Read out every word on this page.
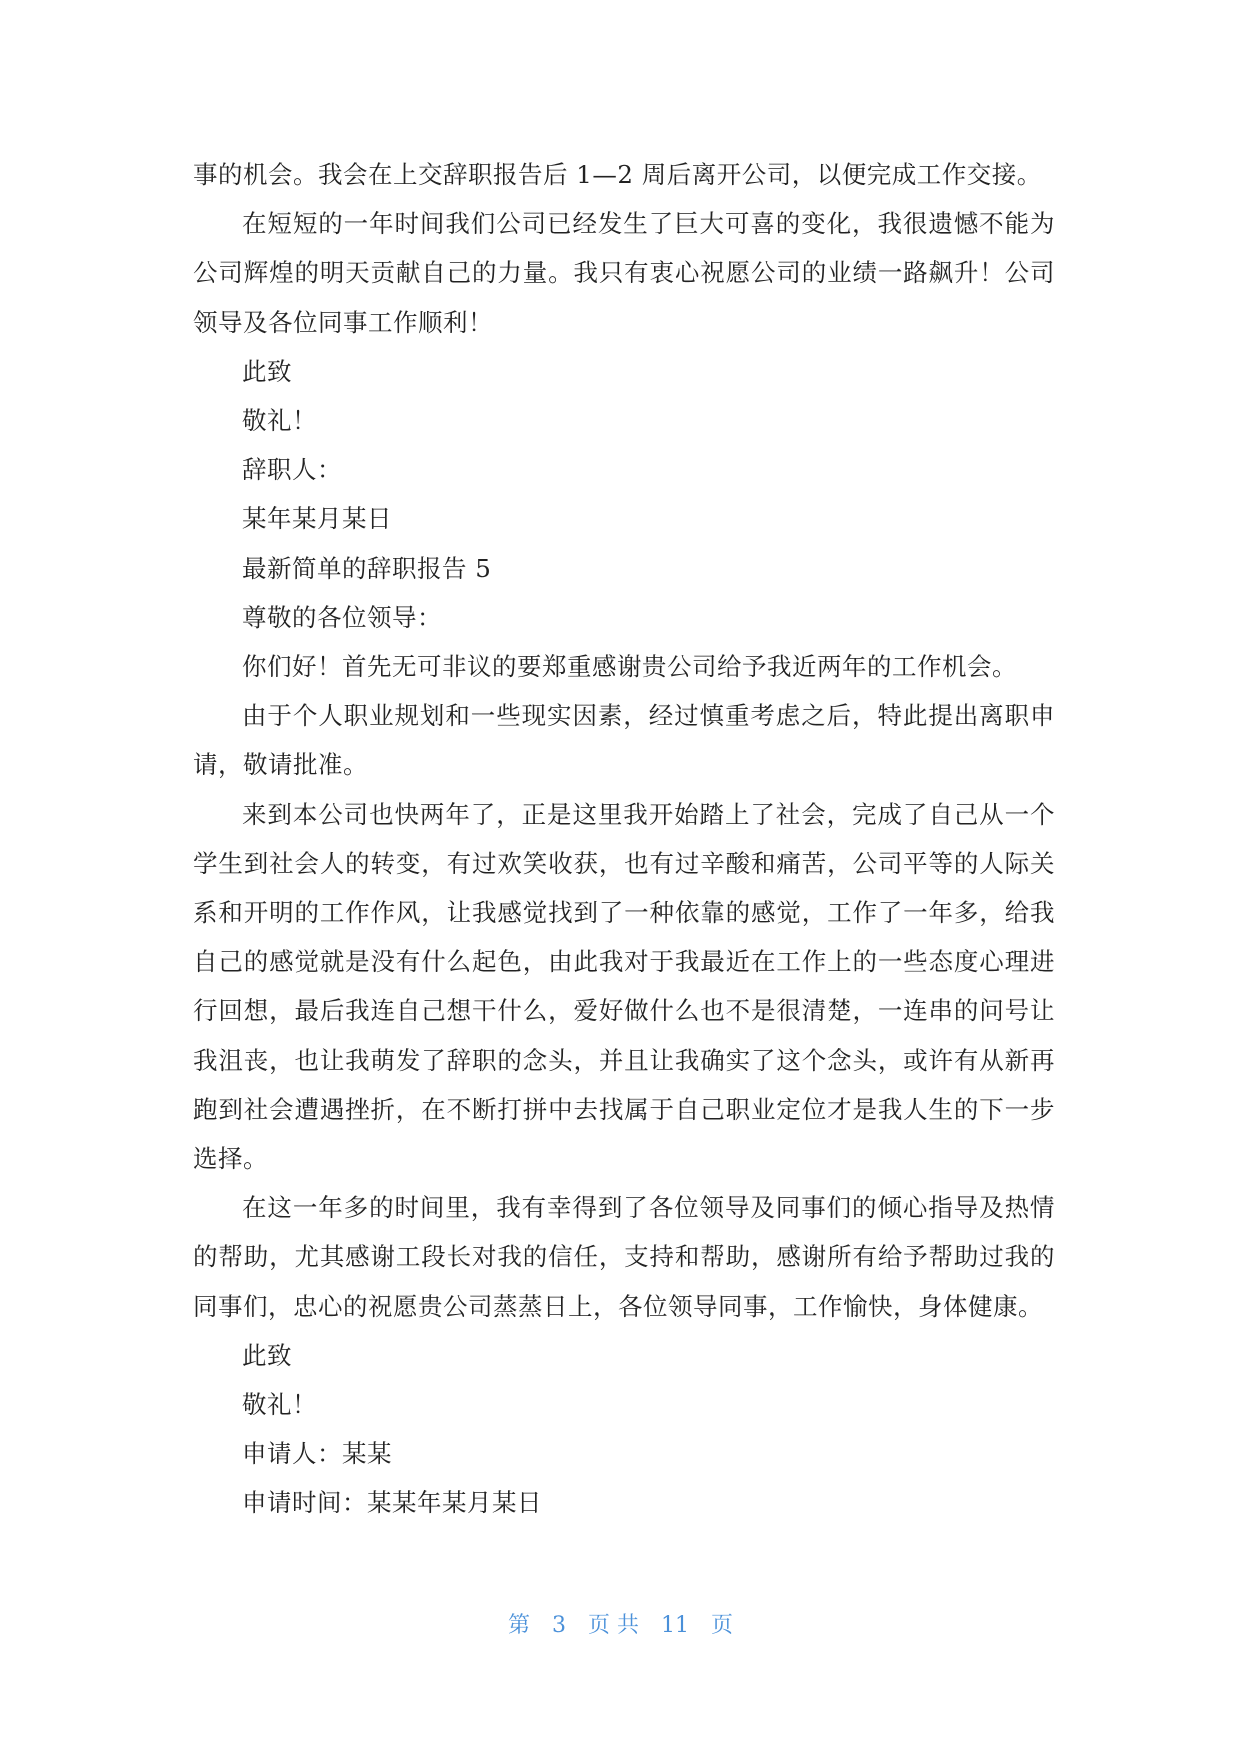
事的机会。我会在上交辞职报告后 1—2 周后离开公司，以便完成工作交接。

在短短的一年时间我们公司已经发生了巨大可喜的变化，我很遗憾不能为公司辉煌的明天贡献自己的力量。我只有衷心祝愿公司的业绩一路飙升！公司领导及各位同事工作顺利！

此致

敬礼！

辞职人：

某年某月某日

最新简单的辞职报告 5

尊敬的各位领导：

你们好！首先无可非议的要郑重感谢贵公司给予我近两年的工作机会。

由于个人职业规划和一些现实因素，经过慎重考虑之后，特此提出离职申请，敬请批准。

来到本公司也快两年了，正是这里我开始踏上了社会，完成了自己从一个学生到社会人的转变，有过欢笑收获，也有过辛酸和痛苦，公司平等的人际关系和开明的工作作风，让我感觉找到了一种依靠的感觉，工作了一年多，给我自己的感觉就是没有什么起色，由此我对于我最近在工作上的一些态度心理进行回想，最后我连自己想干什么，爱好做什么也不是很清楚，一连串的问号让我沮丧，也让我萌发了辞职的念头，并且让我确实了这个念头，或许有从新再跑到社会遭遇挫折，在不断打拼中去找属于自己职业定位才是我人生的下一步选择。

在这一年多的时间里，我有幸得到了各位领导及同事们的倾心指导及热情的帮助，尤其感谢工段长对我的信任，支持和帮助，感谢所有给予帮助过我的同事们，忠心的祝愿贵公司蒸蒸日上，各位领导同事，工作愉快，身体健康。

此致

敬礼！

申请人：某某

申请时间：某某年某月某日

第 3 页 共 11 页
